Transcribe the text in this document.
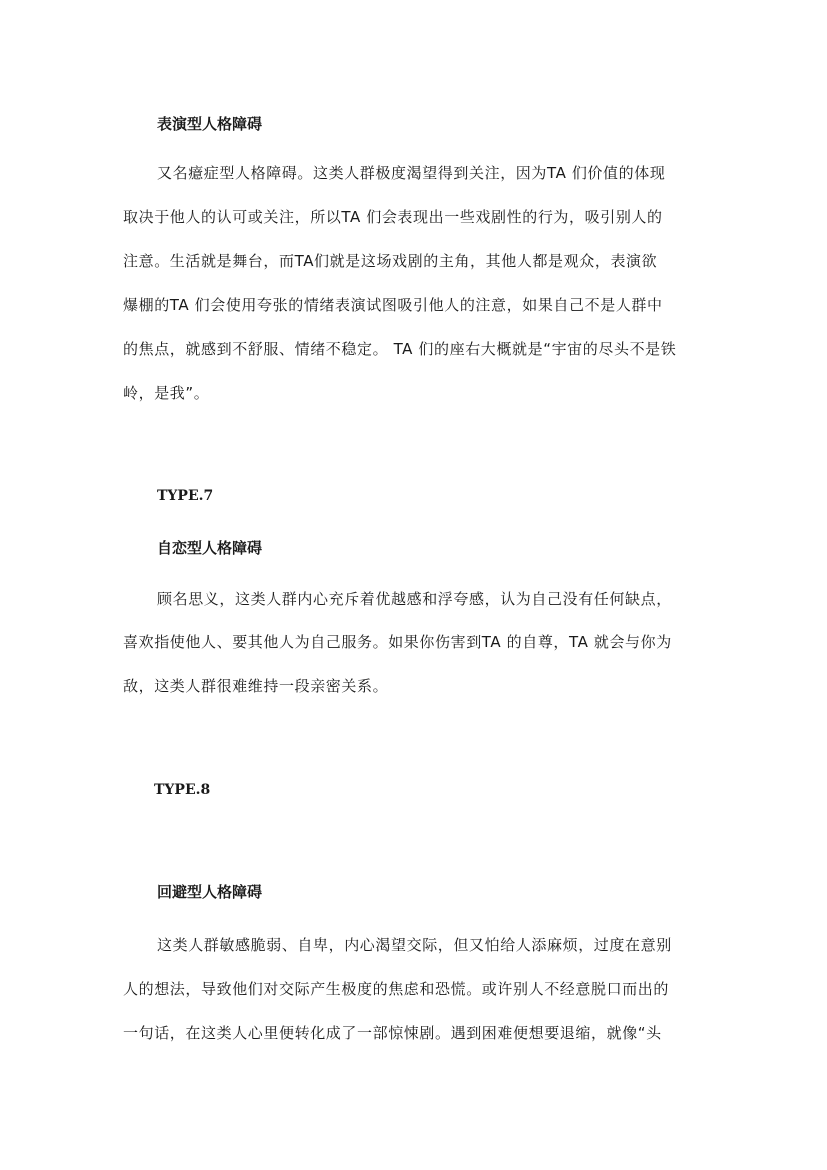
表演型人格障碍
又名癔症型人格障碍。这类人群极度渴望得到关注，因为TA 们价值的体现
取决于他人的认可或关注，所以TA 们会表现出一些戏剧性的行为，吸引别人的
注意。生活就是舞台，而TA们就是这场戏剧的主角，其他人都是观众，表演欲
爆棚的TA 们会使用夸张的情绪表演试图吸引他人的注意，如果自己不是人群中
的焦点，就感到不舒服、情绪不稳定。 TA 们的座右大概就是“宇宙的尽头不是铁
岭，是我”。
TYPE.7
自恋型人格障碍
顾名思义，这类人群内心充斥着优越感和浮夸感，认为自己没有任何缺点，
喜欢指使他人、要其他人为自己服务。如果你伤害到TA 的自尊，TA 就会与你为
敌，这类人群很难维持一段亲密关系。
TYPE.8
回避型人格障碍
这类人群敏感脆弱、自卑，内心渴望交际，但又怕给人添麻烦，过度在意别
人的想法，导致他们对交际产生极度的焦虑和恐慌。或许别人不经意脱口而出的
一句话，在这类人心里便转化成了一部惊悚剧。遇到困难便想要退缩，就像“头
